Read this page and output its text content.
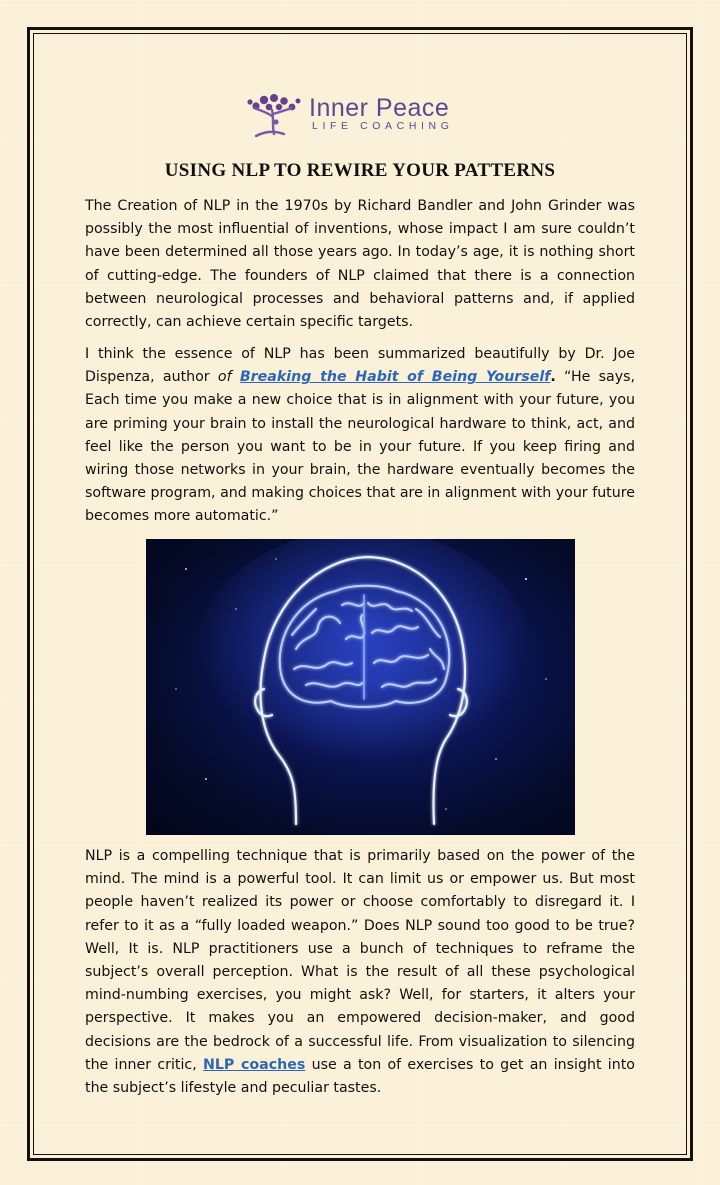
Inner Peace
LIFE COACHING
USING NLP TO REWIRE YOUR PATTERNS

The Creation of NLP in the 1970s by Richard Bandler and John Grinder was possibly the most influential of inventions, whose impact I am sure couldn’t have been determined all those years ago. In today’s age, it is nothing short of cutting-edge. The founders of NLP claimed that there is a connection between neurological processes and behavioral patterns and, if applied correctly, can achieve certain specific targets.

I think the essence of NLP has been summarized beautifully by Dr. Joe Dispenza, author of Breaking the Habit of Being Yourself. “He says, Each time you make a new choice that is in alignment with your future, you are priming your brain to install the neurological hardware to think, act, and feel like the person you want to be in your future. If you keep firing and wiring those networks in your brain, the hardware eventually becomes the software program, and making choices that are in alignment with your future becomes more automatic.”

NLP is a compelling technique that is primarily based on the power of the mind. The mind is a powerful tool. It can limit us or empower us. But most people haven’t realized its power or choose comfortably to disregard it. I refer to it as a “fully loaded weapon.” Does NLP sound too good to be true? Well, It is. NLP practitioners use a bunch of techniques to reframe the subject’s overall perception. What is the result of all these psychological mind-numbing exercises, you might ask? Well, for starters, it alters your perspective. It makes you an empowered decision-maker, and good decisions are the bedrock of a successful life. From visualization to silencing the inner critic, NLP coaches use a ton of exercises to get an insight into the subject’s lifestyle and peculiar tastes.
